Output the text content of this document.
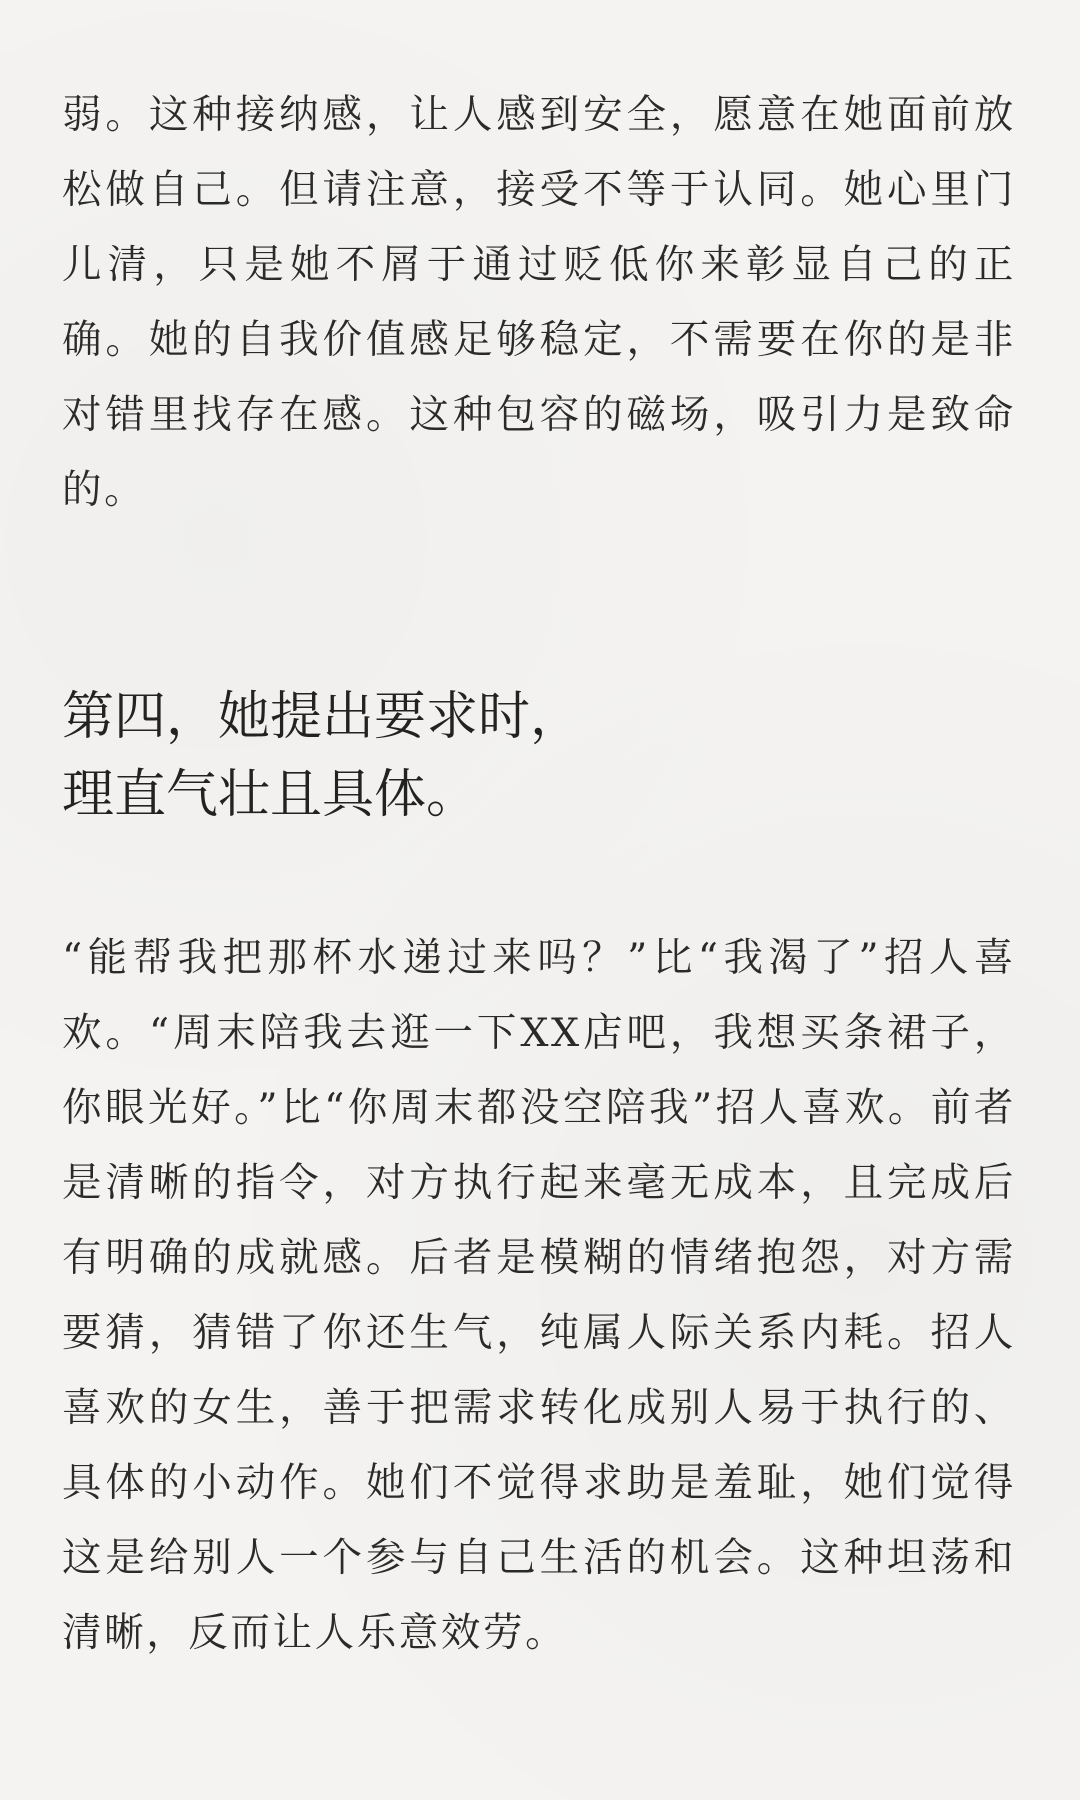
弱。这种接纳感，让人感到安全，愿意在她面前放松做自己。但请注意，接受不等于认同。她心里门儿清，只是她不屑于通过贬低你来彰显自己的正确。她的自我价值感足够稳定，不需要在你的是非对错里找存在感。这种包容的磁场，吸引力是致命的。

第四，她提出要求时，

理直气壮且具体。

“能帮我把那杯水递过来吗？”比“我渴了”招人喜欢。“周末陪我去逛一下XX店吧，我想买条裙子，你眼光好。”比“你周末都没空陪我”招人喜欢。前者是清晰的指令，对方执行起来毫无成本，且完成后有明确的成就感。后者是模糊的情绪抱怨，对方需要猜，猜错了你还生气，纯属人际关系内耗。招人喜欢的女生，善于把需求转化成别人易于执行的、具体的小动作。她们不觉得求助是羞耻，她们觉得这是给别人一个参与自己生活的机会。这种坦荡和清晰，反而让人乐意效劳。
